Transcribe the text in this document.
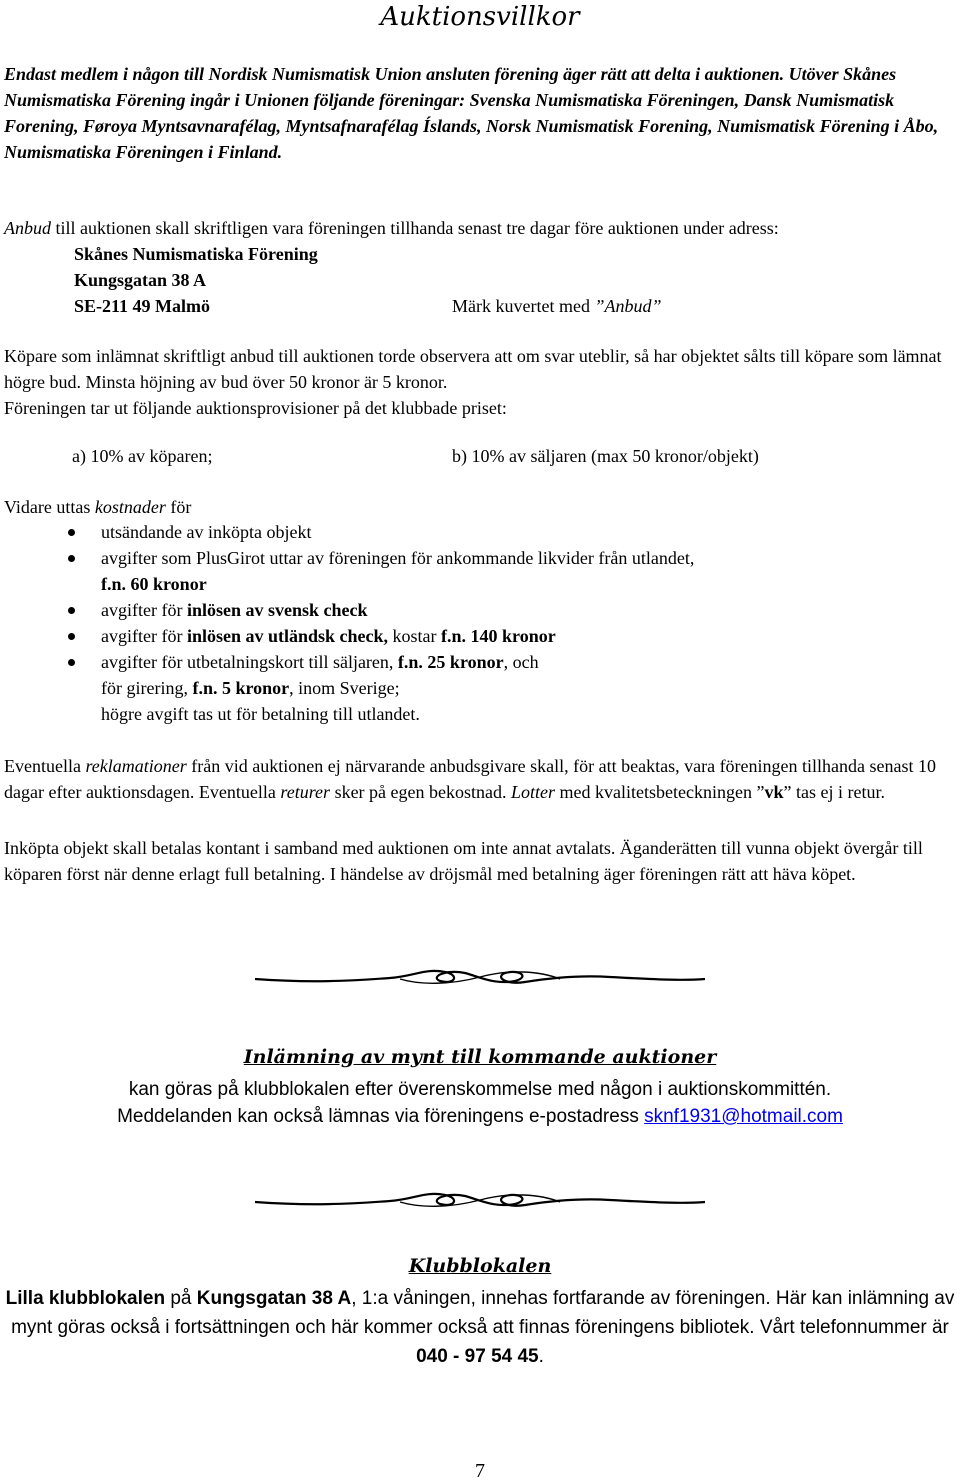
Auktionsvillkor

Endast medlem i någon till Nordisk Numismatisk Union ansluten förening äger rätt att delta i auktionen. Utöver Skånes Numismatiska Förening ingår i Unionen följande föreningar: Svenska Numismatiska Föreningen, Dansk Numismatisk Forening, Føroya Myntsavnarafélag, Myntsafnarafélag Íslands, Norsk Numismatisk Forening, Numismatisk Förening i Åbo, Numismatiska Föreningen i Finland.

Anbud till auktionen skall skriftligen vara föreningen tillhanda senast tre dagar före auktionen under adress:

Skånes Numismatiska Förening
Kungsgatan 38 A
SE-211 49 Malmö	Märk kuvertet med ”Anbud”

Köpare som inlämnat skriftligt anbud till auktionen torde observera att om svar uteblir, så har objektet sålts till köpare som lämnat högre bud. Minsta höjning av bud över 50 kronor är 5 kronor.

Föreningen tar ut följande auktionsprovisioner på det klubbade priset:

a) 10% av köparen;	b) 10% av säljaren (max 50 kronor/objekt)

Vidare uttas kostnader för

utsändande av inköpta objekt
avgifter som PlusGirot uttar av föreningen för ankommande likvider från utlandet,
f.n. 60 kronor
avgifter för inlösen av svensk check
avgifter för inlösen av utländsk check, kostar f.n. 140 kronor
avgifter för utbetalningskort till säljaren, f.n. 25 kronor, och
för girering, f.n. 5 kronor, inom Sverige;
högre avgift tas ut för betalning till utlandet.

Eventuella reklamationer från vid auktionen ej närvarande anbudsgivare skall, för att beaktas, vara föreningen tillhanda senast 10 dagar efter auktionsdagen. Eventuella returer sker på egen bekostnad. Lotter med kvalitetsbeteckningen ”vk” tas ej i retur.

Inköpta objekt skall betalas kontant i samband med auktionen om inte annat avtalats. Äganderätten till vunna objekt övergår till köparen först när denne erlagt full betalning. I händelse av dröjsmål med betalning äger föreningen rätt att häva köpet.

Inlämning av mynt till kommande auktioner
kan göras på klubblokalen efter överenskommelse med någon i auktionskommittén.
Meddelanden kan också lämnas via föreningens e-postadress sknf1931@hotmail.com
Klubblokalen

Lilla klubblokalen på Kungsgatan 38 A, 1:a våningen, innehas fortfarande av föreningen. Här kan inlämning av mynt göras också i fortsättningen och här kommer också att finnas föreningens bibliotek. Vårt telefonnummer är 040 - 97 54 45.

7
